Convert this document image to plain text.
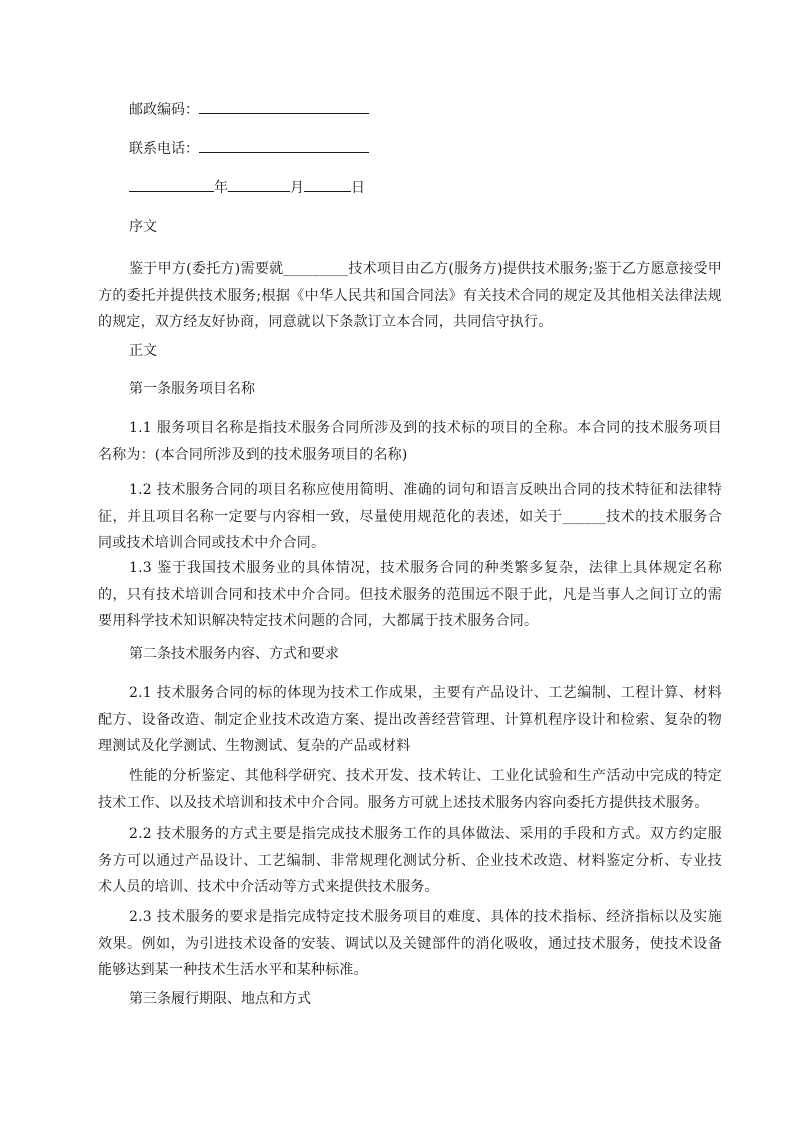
邮政编码：
联系电话：
年	月	日
序文

鉴于甲方(委托方)需要就_________技术项目由乙方(服务方)提供技术服务;鉴于乙方愿意接受甲方的委托并提供技术服务;根据《中华人民共和国合同法》有关技术合同的规定及其他相关法律法规的规定，双方经友好协商，同意就以下条款订立本合同，共同信守执行。

正文
第一条服务项目名称

1.1 服务项目名称是指技术服务合同所涉及到的技术标的项目的全称。本合同的技术服务项目名称为：(本合同所涉及到的技术服务项目的名称)

1.2 技术服务合同的项目名称应使用简明、准确的词句和语言反映出合同的技术特征和法律特征，并且项目名称一定要与内容相一致，尽量使用规范化的表述，如关于______技术的技术服务合同或技术培训合同或技术中介合同。

1.3 鉴于我国技术服务业的具体情况，技术服务合同的种类繁多复杂，法律上具体规定名称的，只有技术培训合同和技术中介合同。但技术服务的范围远不限于此，凡是当事人之间订立的需要用科学技术知识解决特定技术问题的合同，大都属于技术服务合同。

第二条技术服务内容、方式和要求

2.1 技术服务合同的标的体现为技术工作成果，主要有产品设计、工艺编制、工程计算、材料配方、设备改造、制定企业技术改造方案、提出改善经营管理、计算机程序设计和检索、复杂的物理测试及化学测试、生物测试、复杂的产品或材料

性能的分析鉴定、其他科学研究、技术开发、技术转让、工业化试验和生产活动中完成的特定技术工作、以及技术培训和技术中介合同。服务方可就上述技术服务内容向委托方提供技术服务。

2.2 技术服务的方式主要是指完成技术服务工作的具体做法、采用的手段和方式。双方约定服务方可以通过产品设计、工艺编制、非常规理化测试分析、企业技术改造、材料鉴定分析、专业技术人员的培训、技术中介活动等方式来提供技术服务。

2.3 技术服务的要求是指完成特定技术服务项目的难度、具体的技术指标、经济指标以及实施效果。例如，为引进技术设备的安装、调试以及关键部件的消化吸收，通过技术服务，使技术设备能够达到某一种技术生活水平和某种标准。

第三条履行期限、地点和方式
